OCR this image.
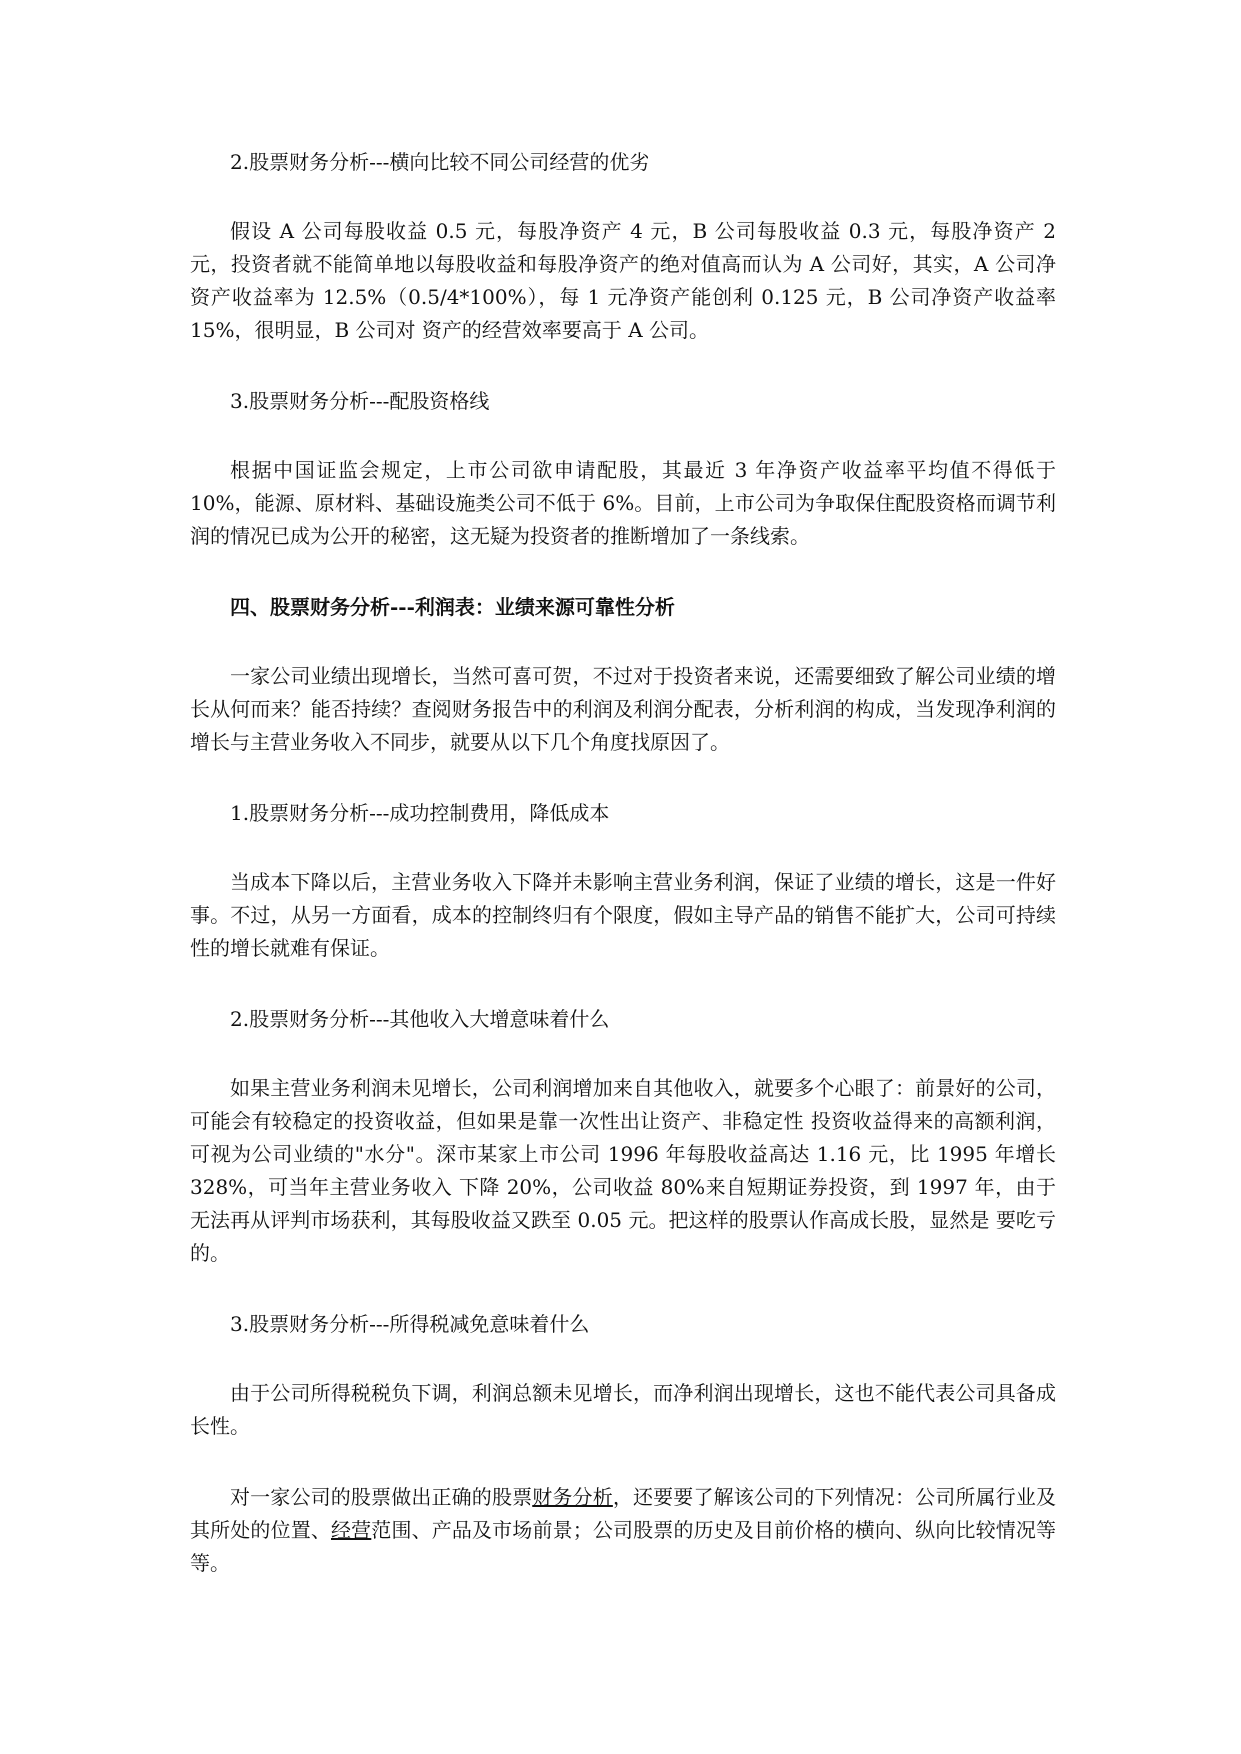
2.股票财务分析---横向比较不同公司经营的优劣

假设 A 公司每股收益 0.5 元，每股净资产 4 元，B 公司每股收益 0.3 元，每股净资产 2 元，投资者就不能简单地以每股收益和每股净资产的绝对值高而认为 A 公司好，其实，A 公司净资产收益率为 12.5%（0.5/4*100%），每 1 元净资产能创利 0.125 元，B 公司净资产收益率 15%，很明显，B 公司对 资产的经营效率要高于 A 公司。

3.股票财务分析---配股资格线

根据中国证监会规定，上市公司欲申请配股，其最近 3 年净资产收益率平均值不得低于 10%，能源、原材料、基础设施类公司不低于 6%。目前，上市公司为争取保住配股资格而调节利润的情况已成为公开的秘密，这无疑为投资者的推断增加了一条线索。

四、股票财务分析---利润表：业绩来源可靠性分析

一家公司业绩出现增长，当然可喜可贺，不过对于投资者来说，还需要细致了解公司业绩的增长从何而来？能否持续？查阅财务报告中的利润及利润分配表，分析利润的构成，当发现净利润的增长与主营业务收入不同步，就要从以下几个角度找原因了。

1.股票财务分析---成功控制费用，降低成本

当成本下降以后，主营业务收入下降并未影响主营业务利润，保证了业绩的增长，这是一件好事。不过，从另一方面看，成本的控制终归有个限度，假如主导产品的销售不能扩大，公司可持续性的增长就难有保证。

2.股票财务分析---其他收入大增意味着什么

如果主营业务利润未见增长，公司利润增加来自其他收入，就要多个心眼了：前景好的公司，可能会有较稳定的投资收益，但如果是靠一次性出让资产、非稳定性 投资收益得来的高额利润，可视为公司业绩的"水分"。深市某家上市公司 1996 年每股收益高达 1.16 元，比 1995 年增长 328%，可当年主营业务收入 下降 20%，公司收益 80%来自短期证券投资，到 1997 年，由于无法再从评判市场获利，其每股收益又跌至 0.05 元。把这样的股票认作高成长股，显然是 要吃亏的。

3.股票财务分析---所得税减免意味着什么

由于公司所得税税负下调，利润总额未见增长，而净利润出现增长，这也不能代表公司具备成长性。

对一家公司的股票做出正确的股票财务分析，还要要了解该公司的下列情况：公司所属行业及其所处的位置、经营范围、产品及市场前景；公司股票的历史及目前价格的横向、纵向比较情况等等。
